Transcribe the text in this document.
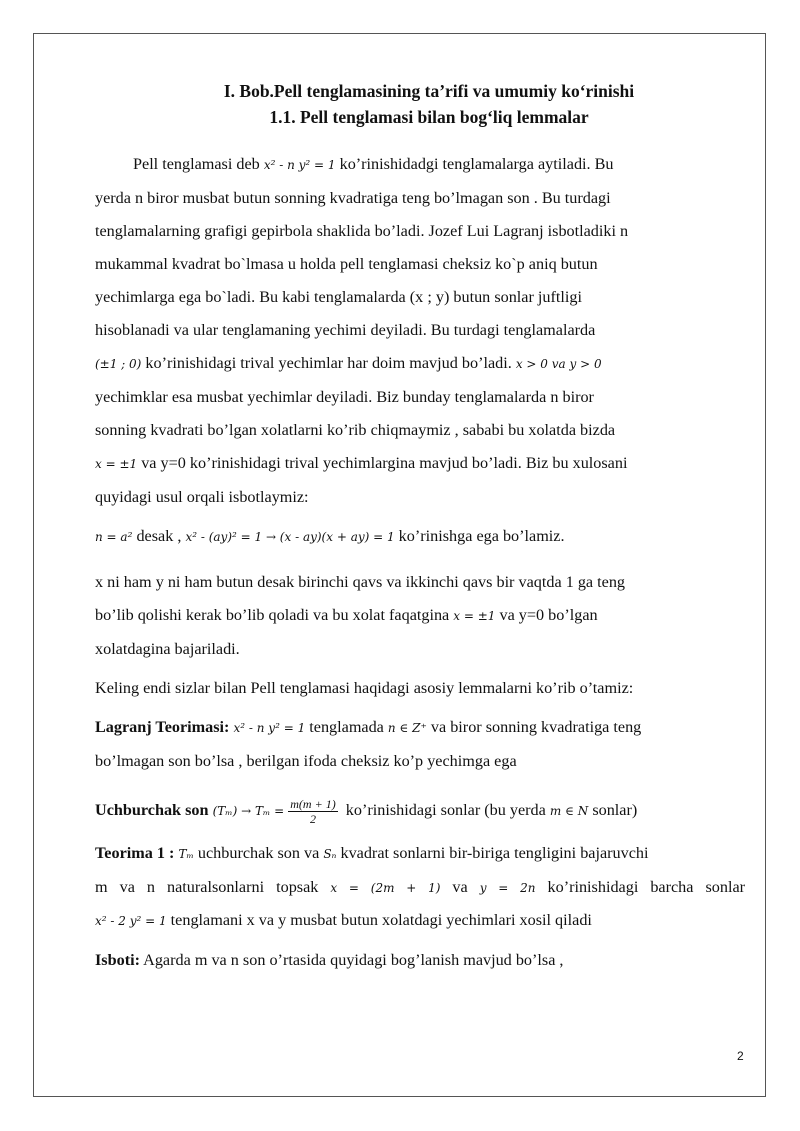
I. Bob.Pell tenglamasining ta’rifi va umumiy ko‘rinishi
1.1. Pell tenglamasi bilan bog‘liq lemmalar

Pell tenglamasi deb x² - n y² = 1 ko’rinishidadgi tenglamalarga aytiladi. Bu
yerda n biror musbat butun sonning kvadratiga teng bo’lmagan son . Bu turdagi
tenglamalarning grafigi gepirbola shaklida bo’ladi. Jozef Lui Lagranj isbotladiki n
mukammal kvadrat bo`lmasa u holda pell tenglamasi cheksiz ko`p aniq butun
yechimlarga ega bo`ladi. Bu kabi tenglamalarda (x ; y) butun sonlar juftligi
hisoblanadi va ular tenglamaning yechimi deyiladi. Bu turdagi tenglamalarda
(±1 ; 0) ko’rinishidagi trival yechimlar har doim mavjud bo’ladi. x > 0 va y > 0
yechimklar esa musbat yechimlar deyiladi. Biz bunday tenglamalarda n biror
sonning kvadrati bo’lgan xolatlarni ko’rib chiqmaymiz , sababi bu xolatda bizda
x = ±1 va y=0 ko’rinishidagi trival yechimlargina mavjud bo’ladi. Biz bu xulosani
quyidagi usul orqali isbotlaymiz:

n = a² desak , x² - (ay)² = 1 → (x - ay)(x + ay) = 1 ko’rinishga ega bo’lamiz.

x ni ham y ni ham butun desak birinchi qavs va ikkinchi qavs bir vaqtda 1 ga teng
bo’lib qolishi kerak bo’lib qoladi va bu xolat faqatgina x = ±1 va y=0 bo’lgan
xolatdagina bajariladi.

Keling endi sizlar bilan Pell tenglamasi haqidagi asosiy lemmalarni ko’rib o’tamiz:

Lagranj Teorimasi: x² - n y² = 1 tenglamada n ∈ Z⁺ va biror sonning kvadratiga teng
bo’lmagan son bo’lsa , berilgan ifoda cheksiz ko’p yechimga ega

Uchburchak son $(T_m) \to T_m = \frac{m(m + 1)}{2}$ ko’rinishidagi sonlar (bu yerda m ∈ N sonlar)

Teorima 1 : Tₘ uchburchak son va Sₙ kvadrat sonlarni bir-biriga tengligini bajaruvchi

m va n naturalsonlarni topsak x = (2m + 1) va y = 2n ko’rinishidagi barcha sonlar
x² - 2 y² = 1 tenglamani x va y musbat butun xolatdagi yechimlari xosil qiladi

Isboti: Agarda m va n son o’rtasida quyidagi bog’lanish mavjud bo’lsa ,

2
